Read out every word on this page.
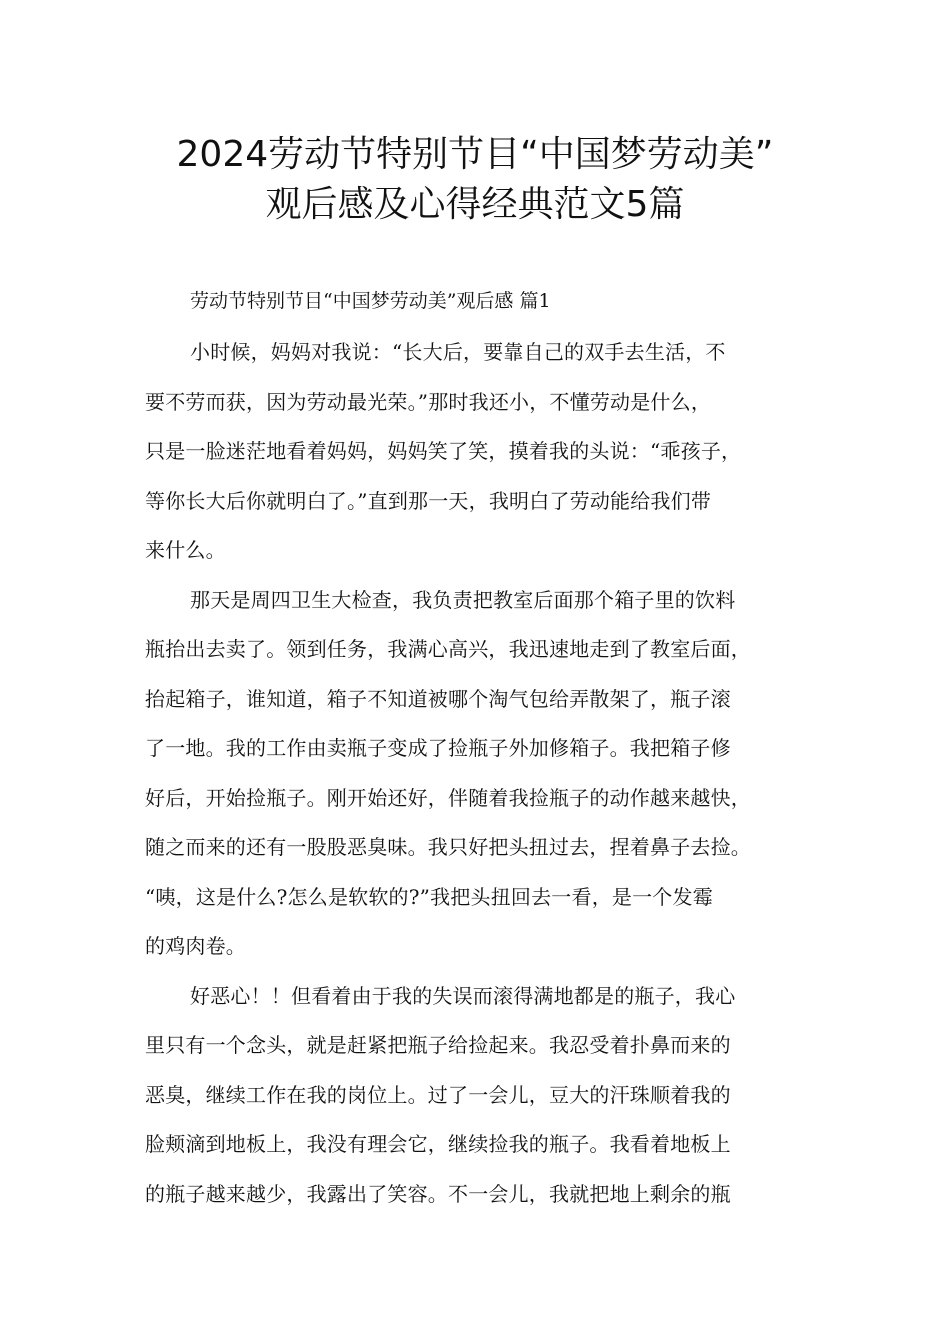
2024劳动节特别节目“中国梦劳动美”
观后感及心得经典范文5篇
劳动节特别节目“中国梦劳动美”观后感 篇1
小时候，妈妈对我说：“长大后，要靠自己的双手去生活，不
要不劳而获，因为劳动最光荣。”那时我还小，不懂劳动是什么，
只是一脸迷茫地看着妈妈，妈妈笑了笑，摸着我的头说：“乖孩子，
等你长大后你就明白了。”直到那一天，我明白了劳动能给我们带
来什么。
那天是周四卫生大检查，我负责把教室后面那个箱子里的饮料
瓶抬出去卖了。领到任务，我满心高兴，我迅速地走到了教室后面，
抬起箱子，谁知道，箱子不知道被哪个淘气包给弄散架了，瓶子滚
了一地。我的工作由卖瓶子变成了捡瓶子外加修箱子。我把箱子修
好后，开始捡瓶子。刚开始还好，伴随着我捡瓶子的动作越来越快，
随之而来的还有一股股恶臭味。我只好把头扭过去，捏着鼻子去捡。
“咦，这是什么?怎么是软软的?”我把头扭回去一看，是一个发霉
的鸡肉卷。
好恶心！！但看着由于我的失误而滚得满地都是的瓶子，我心
里只有一个念头，就是赶紧把瓶子给捡起来。我忍受着扑鼻而来的
恶臭，继续工作在我的岗位上。过了一会儿，豆大的汗珠顺着我的
脸颊滴到地板上，我没有理会它，继续捡我的瓶子。我看着地板上
的瓶子越来越少，我露出了笑容。不一会儿，我就把地上剩余的瓶
